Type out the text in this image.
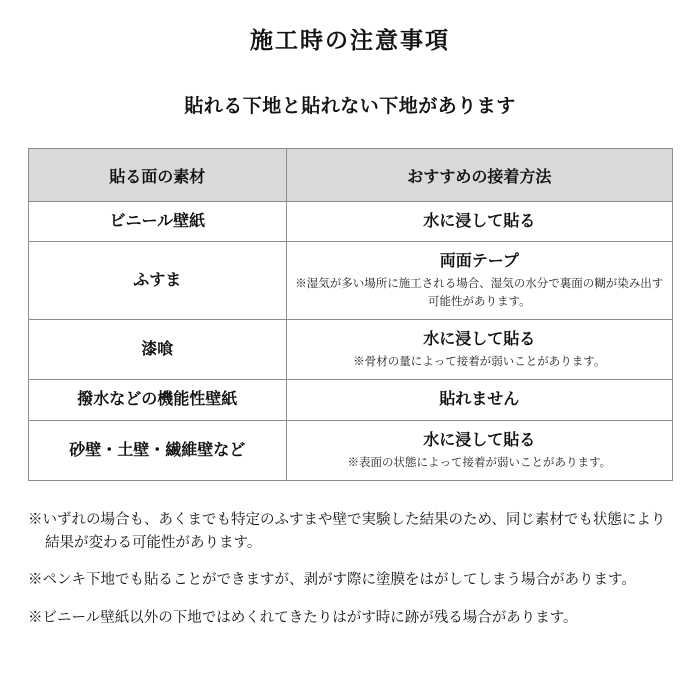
施工時の注意事項
貼れる下地と貼れない下地があります
貼る面の素材	おすすめの接着方法

ビニール壁紙	水に浸して貼る

ふすま	両面テープ
※湿気が多い場所に施工される場合、湿気の水分で裏面の糊が染み出す可能性があります。

漆喰	水に浸して貼る
※骨材の量によって接着が弱いことがあります。

撥水などの機能性壁紙	貼れません

砂壁・土壁・繊維壁など	水に浸して貼る
※表面の状態によって接着が弱いことがあります。
※いずれの場合も、あくまでも特定のふすまや壁で実験した結果のため、同じ素材でも状態により結果が変わる可能性があります。
※ペンキ下地でも貼ることができますが、剥がす際に塗膜をはがしてしまう場合があります。
※ビニール壁紙以外の下地ではめくれてきたりはがす時に跡が残る場合があります。
